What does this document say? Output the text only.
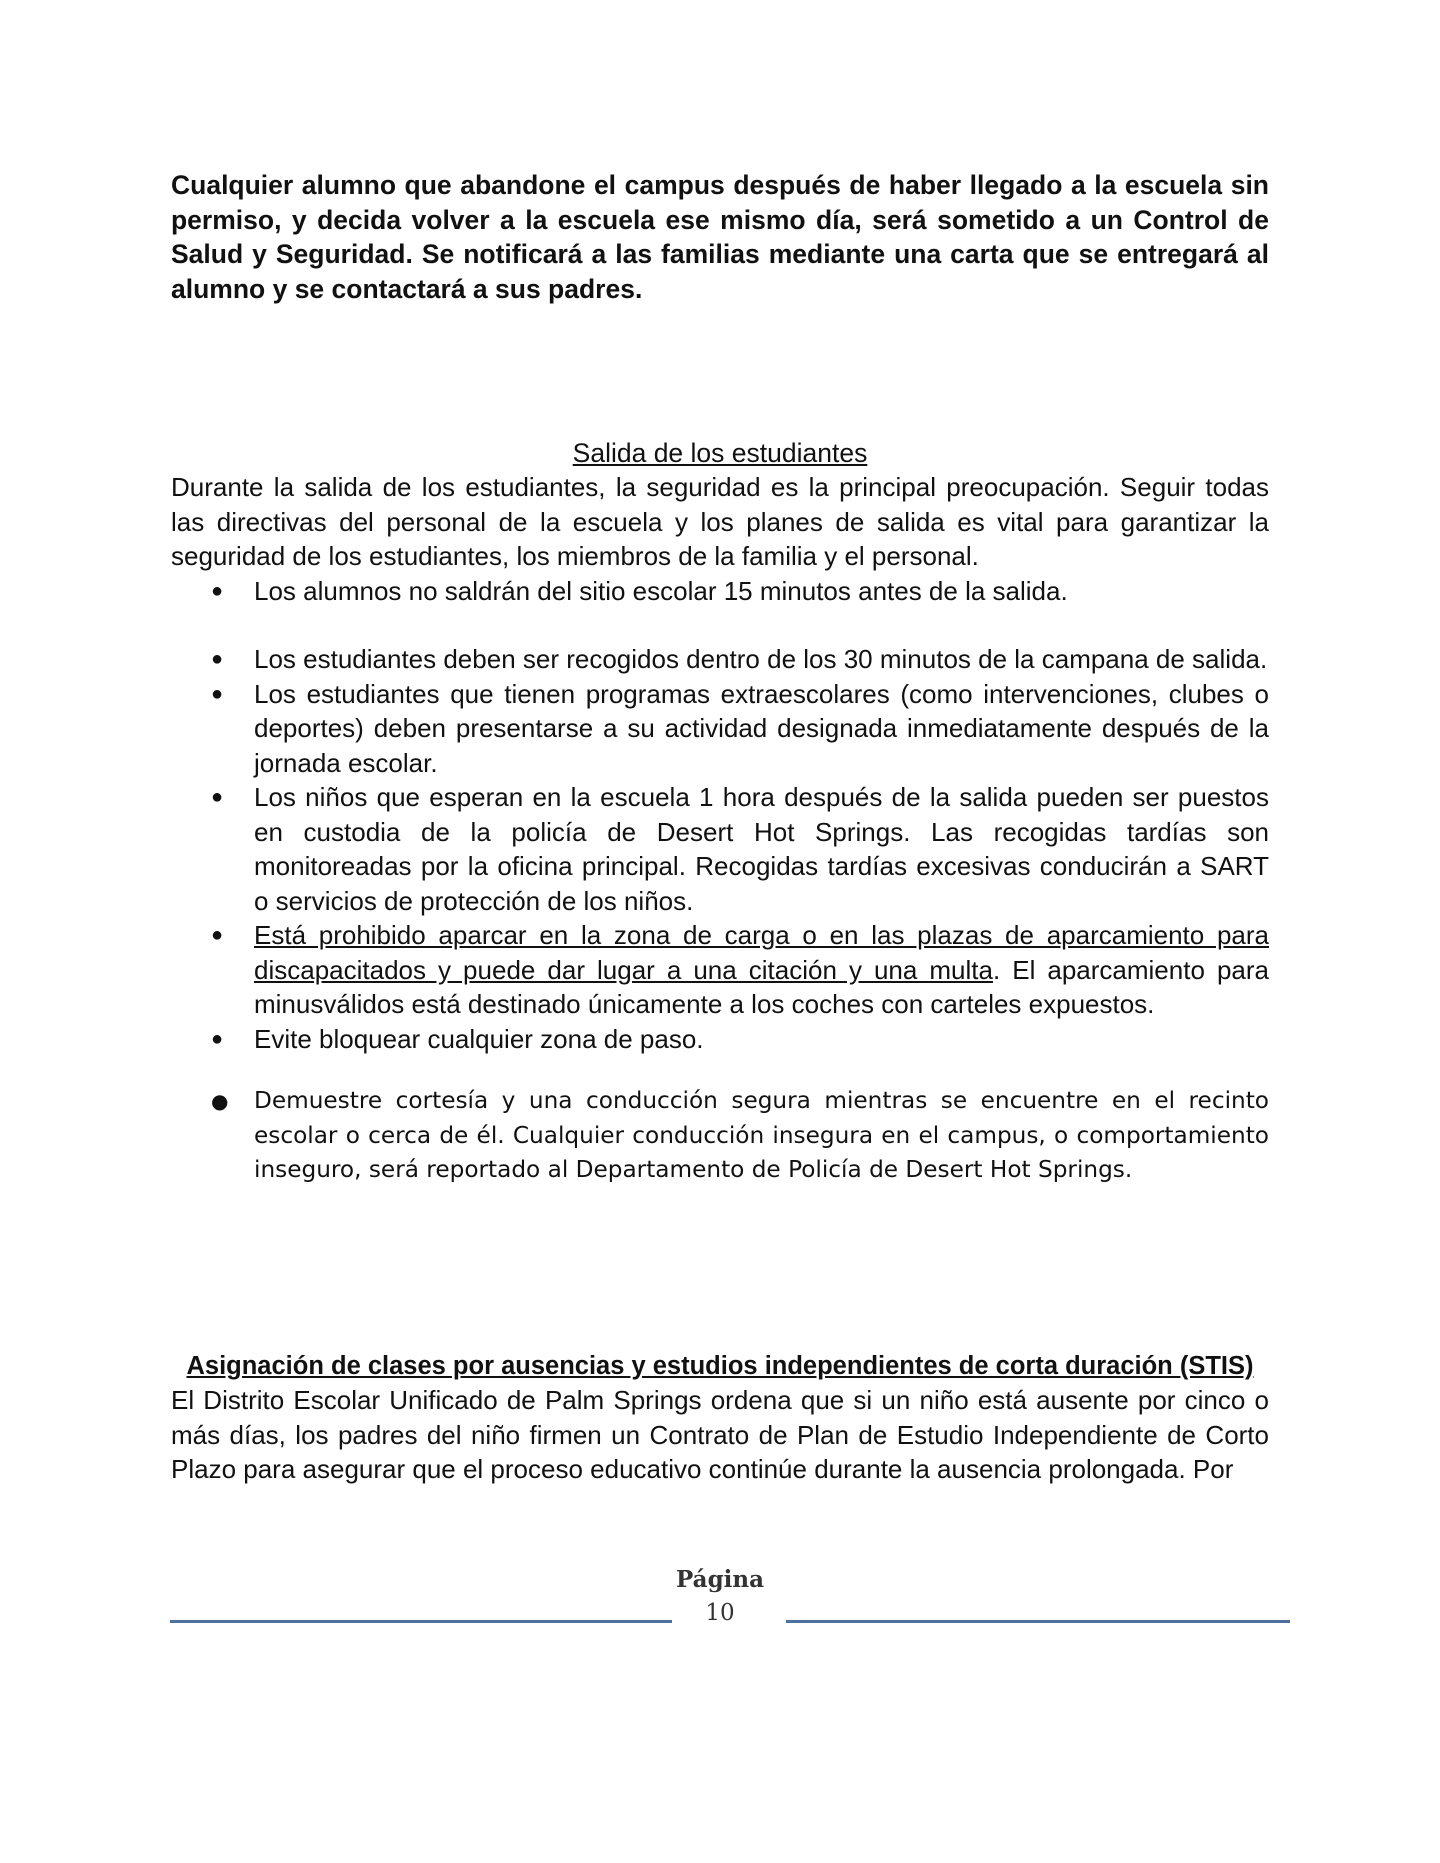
Cualquier alumno que abandone el campus después de haber llegado a la escuela sin permiso, y decida volver a la escuela ese mismo día, será sometido a un Control de Salud y Seguridad. Se notificará a las familias mediante una carta que se entregará al alumno y se contactará a sus padres.

Salida de los estudiantes

Durante la salida de los estudiantes, la seguridad es la principal preocupación. Seguir todas las directivas del personal de la escuela y los planes de salida es vital para garantizar la seguridad de los estudiantes, los miembros de la familia y el personal.

● Los alumnos no saldrán del sitio escolar 15 minutos antes de la salida.
● Los estudiantes deben ser recogidos dentro de los 30 minutos de la campana de salida.
● Los estudiantes que tienen programas extraescolares (como intervenciones, clubes o deportes) deben presentarse a su actividad designada inmediatamente después de la jornada escolar.
● Los niños que esperan en la escuela 1 hora después de la salida pueden ser puestos en custodia de la policía de Desert Hot Springs. Las recogidas tardías son monitoreadas por la oficina principal. Recogidas tardías excesivas conducirán a SART o servicios de protección de los niños.
● Está prohibido aparcar en la zona de carga o en las plazas de aparcamiento para discapacitados y puede dar lugar a una citación y una multa. El aparcamiento para minusválidos está destinado únicamente a los coches con carteles expuestos.
● Evite bloquear cualquier zona de paso.
● Demuestre cortesía y una conducción segura mientras se encuentre en el recinto escolar o cerca de él. Cualquier conducción insegura en el campus, o comportamiento inseguro, será reportado al Departamento de Policía de Desert Hot Springs.
Asignación de clases por ausencias y estudios independientes de corta duración (STIS)

El Distrito Escolar Unificado de Palm Springs ordena que si un niño está ausente por cinco o más días, los padres del niño firmen un Contrato de Plan de Estudio Independiente de Corto Plazo para asegurar que el proceso educativo continúe durante la ausencia prolongada. Por

Página
10
